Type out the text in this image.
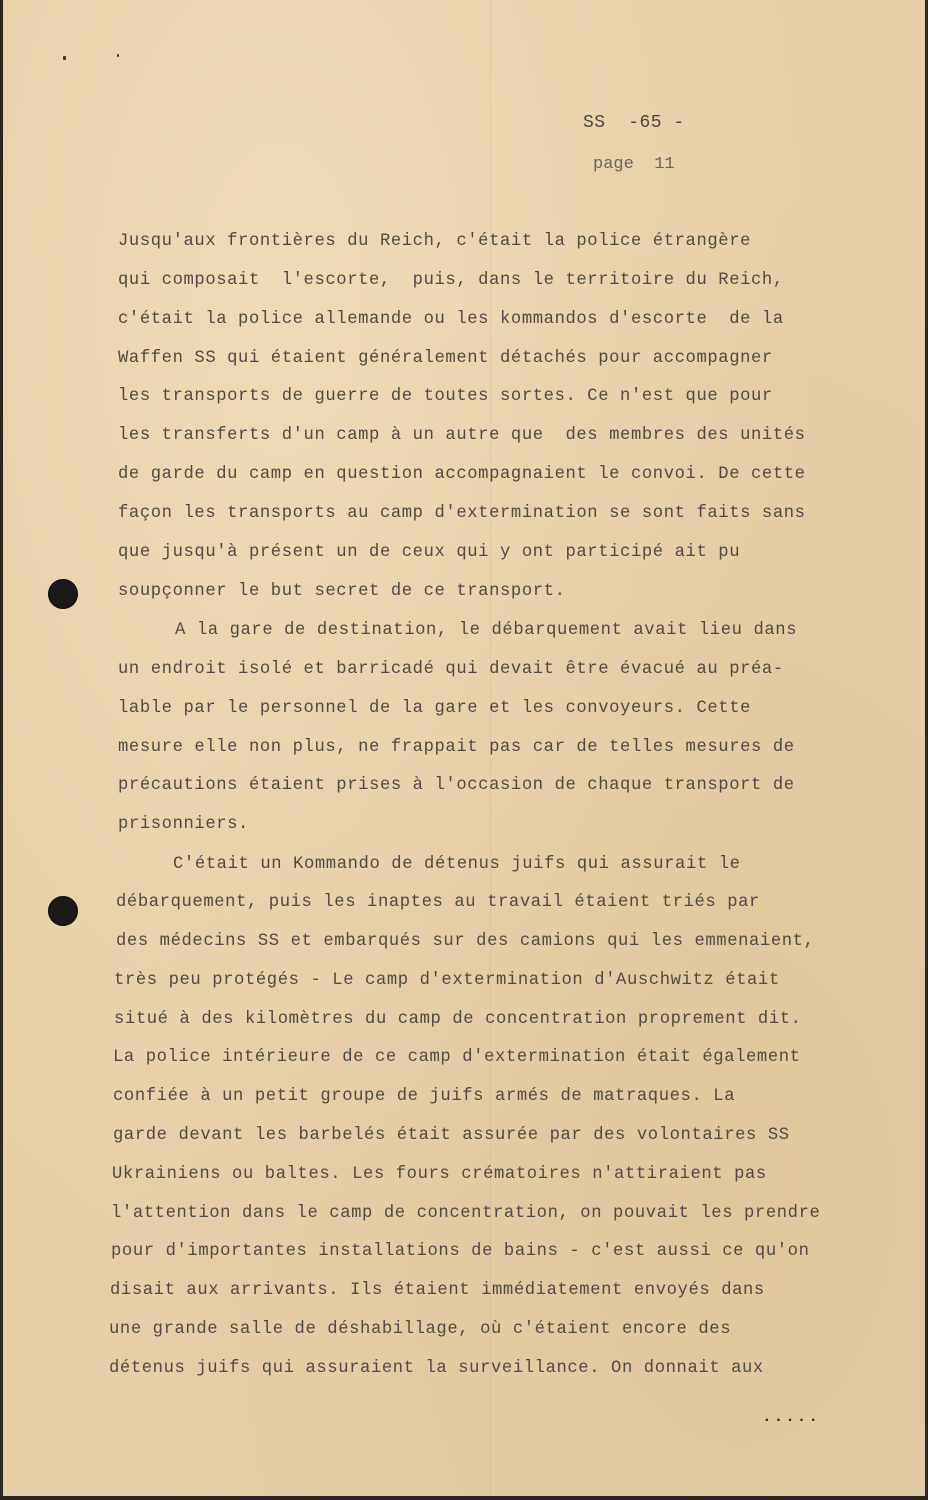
SS  -65 -
page  11
Jusqu'aux frontières du Reich, c'était la police étrangère
qui composait  l'escorte,  puis, dans le territoire du Reich,
c'était la police allemande ou les kommandos d'escorte  de la
Waffen SS qui étaient généralement détachés pour accompagner
les transports de guerre de toutes sortes. Ce n'est que pour
les transferts d'un camp à un autre que  des membres des unités
de garde du camp en question accompagnaient le convoi. De cette
façon les transports au camp d'extermination se sont faits sans
que jusqu'à présent un de ceux qui y ont participé ait pu
soupçonner le but secret de ce transport.
A la gare de destination, le débarquement avait lieu dans
un endroit isolé et barricadé qui devait être évacué au préa-
lable par le personnel de la gare et les convoyeurs. Cette
mesure elle non plus, ne frappait pas car de telles mesures de
précautions étaient prises à l'occasion de chaque transport de
prisonniers.
C'était un Kommando de détenus juifs qui assurait le
débarquement, puis les inaptes au travail étaient triés par
des médecins SS et embarqués sur des camions qui les emmenaient,
très peu protégés - Le camp d'extermination d'Auschwitz était
situé à des kilomètres du camp de concentration proprement dit.
La police intérieure de ce camp d'extermination était également
confiée à un petit groupe de juifs armés de matraques. La
garde devant les barbelés était assurée par des volontaires SS
Ukrainiens ou baltes. Les fours crématoires n'attiraient pas
l'attention dans le camp de concentration, on pouvait les prendre
pour d'importantes installations de bains - c'est aussi ce qu'on
disait aux arrivants. Ils étaient immédiatement envoyés dans
une grande salle de déshabillage, où c'étaient encore des
détenus juifs qui assuraient la surveillance. On donnait aux
.....
